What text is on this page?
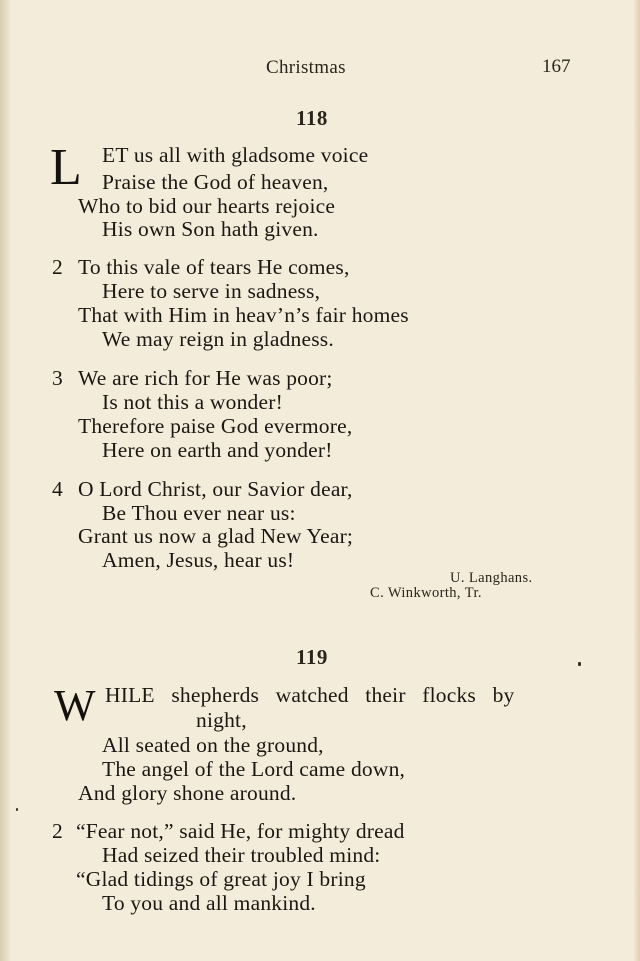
Christmas	167
118
L ET us all with gladsome voice
Praise the God of heaven,
Who to bid our hearts rejoice
His own Son hath given.
2 To this vale of tears He comes,
Here to serve in sadness,
That with Him in heav’n’s fair homes
We may reign in gladness.
3 We are rich for He was poor;
Is not this a wonder!
Therefore paise God evermore,
Here on earth and yonder!
4 O Lord Christ, our Savior dear,
Be Thou ever near us:
Grant us now a glad New Year;
Amen, Jesus, hear us!
U. Langhans.
C. Winkworth, Tr.
119
W HILE shepherds watched their flocks by
night,
All seated on the ground,
The angel of the Lord came down,
And glory shone around.
2 “Fear not,” said He, for mighty dread
Had seized their troubled mind:
“Glad tidings of great joy I bring
To you and all mankind.
